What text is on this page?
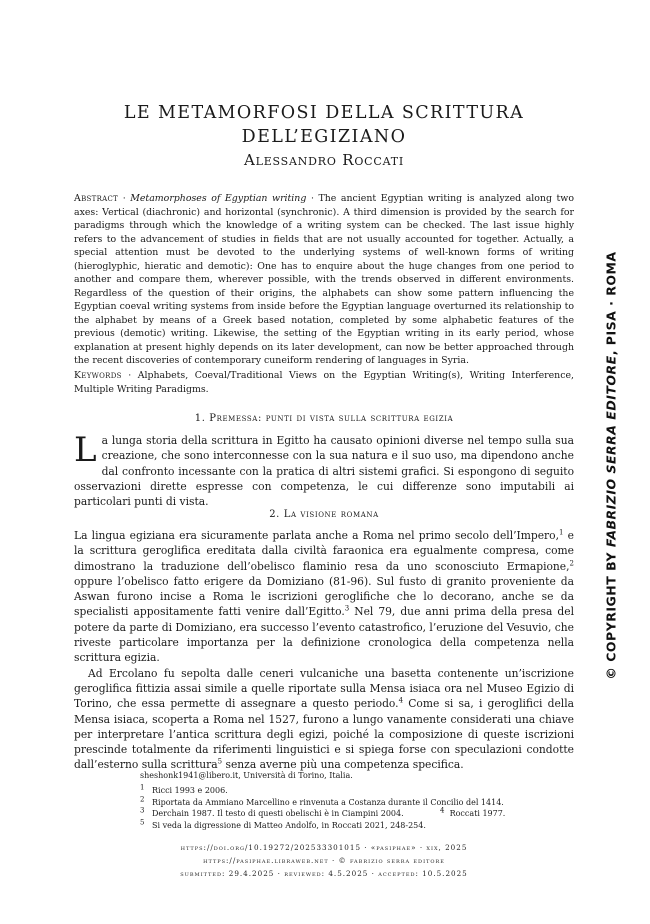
LE METAMORFOSI DELLA SCRITTURA
DELL’EGIZIANO
Alessandro Roccati
Abstract · Metamorphoses of Egyptian writing · The ancient Egyptian writing is analyzed along two axes: Vertical (diachronic) and horizontal (synchronic). A third dimension is provided by the search for paradigms through which the knowledge of a writing system can be checked. The last issue highly refers to the advancement of studies in fields that are not usually accounted for together. Actually, a special attention must be devoted to the underlying systems of well-known forms of writing (hieroglyphic, hieratic and demotic): One has to enquire about the huge changes from one period to another and compare them, wherever possible, with the trends observed in different environments. Regardless of the question of their origins, the alphabets can show some pattern influencing the Egyptian coeval writing systems from inside before the Egyptian language overturned its relationship to the alphabet by means of a Greek based notation, completed by some alphabetic features of the previous (demotic) writing. Likewise, the setting of the Egyptian writing in its early period, whose explanation at present highly depends on its later development, can now be better approached through the recent discoveries of contemporary cuneiform rendering of languages in Syria.
Keywords · Alphabets, Coeval/Traditional Views on the Egyptian Writing(s), Writing Interference, Multiple Writing Paradigms.
1. Premessa: punti di vista sulla scrittura egizia

La lunga storia della scrittura in Egitto ha causato opinioni diverse nel tempo sulla sua creazione, che sono interconnesse con la sua natura e il suo uso, ma dipendono anche dal confronto incessante con la pratica di altri sistemi grafici. Si espongono di seguito osservazioni dirette espresse con competenza, le cui differenze sono imputabili ai particolari punti di vista.

2. La visione romana

La lingua egiziana era sicuramente parlata anche a Roma nel primo secolo dell’Impero,$^1$ e la scrittura geroglifica ereditata dalla civiltà faraonica era egualmente compresa, come dimostrano la traduzione dell’obelisco flaminio resa da uno sconosciuto Ermapione,$^2$ oppure l’obelisco fatto erigere da Domiziano (81-96). Sul fusto di granito proveniente da Aswan furono incise a Roma le iscrizioni geroglifiche che lo decorano, anche se da specialisti appositamente fatti venire dall’Egitto.$^3$ Nel 79, due anni prima della presa del potere da parte di Domiziano, era successo l’evento catastrofico, l’eruzione del Vesuvio, che riveste particolare importanza per la definizione cronologica della competenza nella scrittura egizia.

Ad Ercolano fu sepolta dalle ceneri vulcaniche una basetta contenente un’iscrizione geroglifica fittizia assai simile a quelle riportate sulla Mensa isiaca ora nel Museo Egizio di Torino, che essa permette di assegnare a questo periodo.$^4$ Come si sa, i geroglifici della Mensa isiaca, scoperta a Roma nel 1527, furono a lungo vanamente considerati una chiave per interpretare l’antica scrittura degli egizi, poiché la composizione di queste iscrizioni prescinde totalmente da riferimenti linguistici e si spiega forse con speculazioni condotte dall’esterno sulla scrittura$^5$ senza averne più una competenza specifica.

sheshonk1941@libero.it, Università di Torino, Italia.
$^1$ Ricci 1993 e 2006.
$^2$ Riportata da Ammiano Marcellino e rinvenuta a Costanza durante il Concilio del 1414.
$^3$ Derchain 1987. Il testo di questi obelischi è in Ciampini 2004.	$^4$ Roccati 1977.
$^5$ Si veda la digressione di Matteo Andolfo, in Roccati 2021, 248-254.
https://doi.org/10.19272/202533301015 · «pasiphae» · xix, 2025
https://pasiphae.libraweb.net · © fabrizio serra editore
submitted: 29.4.2025 · reviewed: 4.5.2025 · accepted: 10.5.2025
© COPYRIGHT BY FABRIZIO SERRA EDITORE, PISA · ROMA
